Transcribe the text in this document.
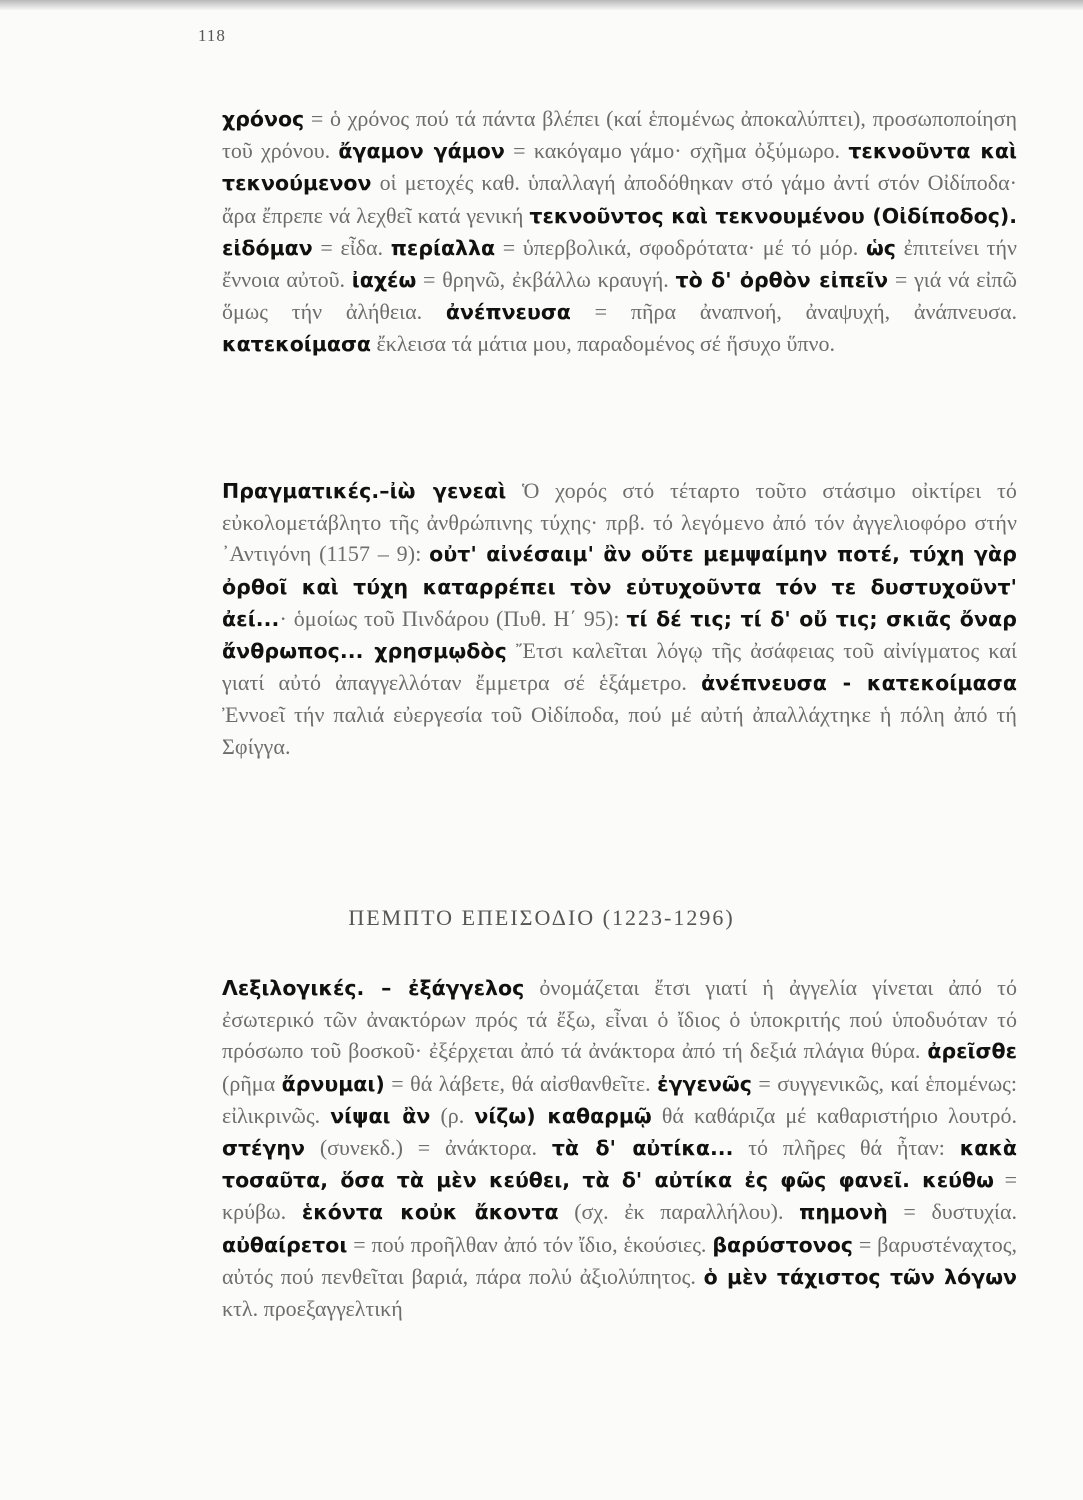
118

χρόνος = ὁ χρόνος πού τά πάντα βλέπει (καί ἑπομένως ἀποκαλύπτει), προσωποποίηση τοῦ χρόνου. ἄγαμον γάμον = κακόγαμο γάμο· σχῆμα ὀξύμωρο. τεκνοῦντα καὶ τεκνούμενον οἱ μετοχές καθ. ὑπαλλαγή ἀποδόθηκαν στό γάμο ἀντί στόν Οἰδίποδα· ἄρα ἔπρεπε νά λεχθεῖ κατά γενική τεκνοῦντος καὶ τεκνουμένου (Οἰδίποδος). εἰδόμαν = εἶδα. περίαλλα = ὑπερβολικά, σφοδρότατα· μέ τό μόρ. ὡς ἐπιτείνει τήν ἔννοια αὐτοῦ. ἰαχέω = θρηνῶ, ἐκβάλλω κραυγή. τὸ δ' ὀρθὸν εἰπεῖν = γιά νά εἰπῶ ὅμως τήν ἀλήθεια. ἀνέπνευσα = πῆρα ἀναπνοή, ἀναψυχή, ἀνάπνευσα. κατεκοίμασα ἔκλεισα τά μάτια μου, παραδομένος σέ ἥσυχο ὕπνο.

Πραγματικές.–ἰὼ γενεαὶ Ὁ χορός στό τέταρτο τοῦτο στάσιμο οἰκτίρει τό εὐκολομετάβλητο τῆς ἀνθρώπινης τύχης· πρβ. τό λεγόμενο ἀπό τόν ἀγγελιοφόρο στήν ᾿Αντιγόνη (1157 – 9): οὐτ' αἰνέσαιμ' ἂν οὔτε μεμψαίμην ποτέ, τύχη γὰρ ὀρθοῖ καὶ τύχη καταρρέπει τὸν εὐτυχοῦντα τόν τε δυστυχοῦντ' ἀεί...· ὁμοίως τοῦ Πινδάρου (Πυθ. Η΄ 95): τί δέ τις; τί δ' οὔ τις; σκιᾶς ὄναρ ἄνθρωπος... χρησμῳδὸς Ἔτσι καλεῖται λόγῳ τῆς ἀσάφειας τοῦ αἰνίγματος καί γιατί αὐτό ἀπαγγελλόταν ἔμμετρα σέ ἑξάμετρο. ἀνέπνευσα - κατεκοίμασα Ἐννοεῖ τήν παλιά εὐεργεσία τοῦ Οἰδίποδα, πού μέ αὐτή ἀπαλλάχτηκε ἡ πόλη ἀπό τή Σφίγγα.

ΠΕΜΠΤΟ ΕΠΕΙΣΟΔΙΟ (1223-1296)

Λεξιλογικές. – ἐξάγγελος ὀνομάζεται ἔτσι γιατί ἡ ἀγγελία γίνεται ἀπό τό ἐσωτερικό τῶν ἀνακτόρων πρός τά ἔξω, εἶναι ὁ ἴδιος ὁ ὑποκριτής πού ὑποδυόταν τό πρόσωπο τοῦ βοσκοῦ· ἐξέρχεται ἀπό τά ἀνάκτορα ἀπό τή δεξιά πλάγια θύρα. ἀρεῖσθε (ρῆμα ἄρνυμαι) = θά λάβετε, θά αἰσθανθεῖτε. ἐγγενῶς = συγγενικῶς, καί ἑπομένως: εἰλικρινῶς. νίψαι ἂν (ρ. νίζω) καθαρμῷ θά καθάριζα μέ καθαριστήριο λουτρό. στέγην (συνεκδ.) = ἀνάκτορα. τὰ δ' αὐτίκα... τό πλῆρες θά ἦταν: κακὰ τοσαῦτα, ὅσα τὰ μὲν κεύθει, τὰ δ' αὐτίκα ἐς φῶς φανεῖ. κεύθω = κρύβω. ἑκόντα κοὐκ ἄκοντα (σχ. ἐκ παραλλήλου). πημονὴ = δυστυχία. αὐθαίρετοι = πού προῆλθαν ἀπό τόν ἴδιο, ἑκούσιες. βαρύστονος = βαρυστέναχτος, αὐτός πού πενθεῖται βαριά, πάρα πολύ ἀξιολύπητος. ὁ μὲν τάχιστος τῶν λόγων κτλ. προεξαγγελτική
